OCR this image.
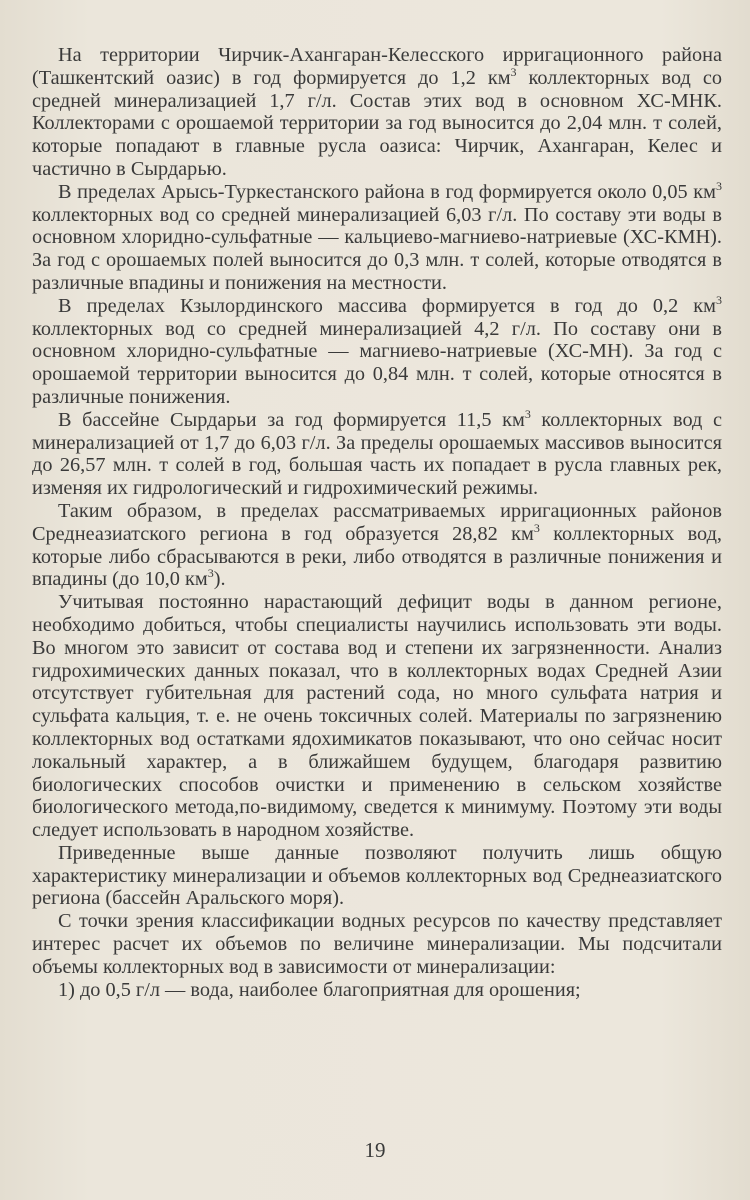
На территории Чирчик-Ахангаран-Келесского ирригационного района (Ташкентский оазис) в год формируется до 1,2 $км^3$ коллекторных вод со средней минерализацией 1,7 г/л. Состав этих вод в основном ХС-МНК. Коллекторами с орошаемой территории за год выносится до 2,04 млн. т солей, которые попадают в главные русла оазиса: Чирчик, Ахангаран, Келес и частично в Сырдарью.

В пределах Арысь-Туркестанского района в год формируется около 0,05 $км^3$ коллекторных вод со средней минерализацией 6,03 г/л. По составу эти воды в основном хлоридно-сульфатные — кальциево-магниево-натриевые (ХС-КМН). За год с орошаемых полей выносится до 0,3 млн. т солей, которые отводятся в различные впадины и понижения на местности.

В пределах Кзылординского массива формируется в год до 0,2 $км^3$ коллекторных вод со средней минерализацией 4,2 г/л. По составу они в основном хлоридно-сульфатные — магниево-натриевые (ХС-МН). За год с орошаемой территории выносится до 0,84 млн. т солей, которые относятся в различные понижения.

В бассейне Сырдарьи за год формируется 11,5 $км^3$ коллекторных вод с минерализацией от 1,7 до 6,03 г/л. За пределы орошаемых массивов выносится до 26,57 млн. т солей в год, большая часть их попадает в русла главных рек, изменяя их гидрологический и гидрохимический режимы.

Таким образом, в пределах рассматриваемых ирригационных районов Среднеазиатского региона в год образуется 28,82 $км^3$ коллекторных вод, которые либо сбрасываются в реки, либо отводятся в различные понижения и впадины (до 10,0 $км^3$).

Учитывая постоянно нарастающий дефицит воды в данном регионе, необходимо добиться, чтобы специалисты научились использовать эти воды. Во многом это зависит от состава вод и степени их загрязненности. Анализ гидрохимических данных показал, что в коллекторных водах Средней Азии отсутствует губительная для растений сода, но много сульфата натрия и сульфата кальция, т. е. не очень токсичных солей. Материалы по загрязнению коллекторных вод остатками ядохимикатов показывают, что оно сейчас носит локальный характер, а в ближайшем будущем, благодаря развитию биологических способов очистки и применению в сельском хозяйстве биологического метода,по-видимому, сведется к минимуму. Поэтому эти воды следует использовать в народном хозяйстве.

Приведенные выше данные позволяют получить лишь общую характеристику минерализации и объемов коллекторных вод Среднеазиатского региона (бассейн Аральского моря).

С точки зрения классификации водных ресурсов по качеству представляет интерес расчет их объемов по величине минерализации. Мы подсчитали объемы коллекторных вод в зависимости от минерализации:

1) до 0,5 г/л — вода, наиболее благоприятная для орошения;

19
